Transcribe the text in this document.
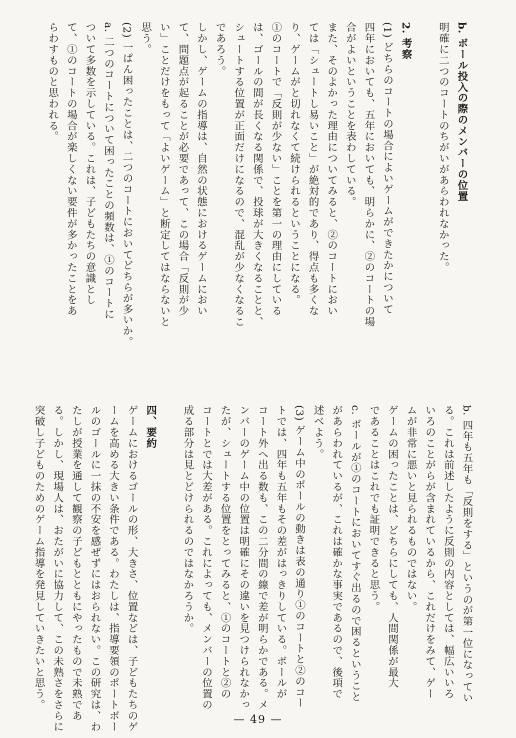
b. ボール投入の際のメンバーの位置
明確に二つのコートのちがいがあらわれなかった。
2. 考察
(1) どちらのコートの場合によいゲームができたかについて
四年においても、五年においても、明らかに、②のコートの場
合がよいということを表わしている。
また、そのよかった理由についてみると、②のコートにおい
ては「シュートし易いこと」が絶対的であり、得点も多くな
り、ゲームがと切れなくて続けられるということになる。
①のコートで「反則が少ない」ことを第一の理由にしている
は、ゴールの間が長くなる関係で、投球が大きくなることと、
シュートする位置が正面だけになるので、混乱が少なくなるこ
であろう。
しかし、ゲームの指導は、自然の状態におけるゲームにおい
て、問題点が起ることが必要であって、この場合「反則が少
い」ことだけをもって「よいゲーム」と断定してはならないと
思う。
(2) 一ぱん困ったことは、二つのコートにおいてどちらが多いか。
a. 二つのコートについて困ったことの頻数は、①のコートに
ついて多数を示している。これは、子どもたちの意識とし
て、①のコートの場合が楽しくない要件が多かったことをあ
らわすものと思われる。
b. 四年も五年も「反則をする」というのが第一位になってい
る。これは前述したように反則の内容としては、幅広いいろ
いろのことがらが含まれているから、これだけをみて、ゲー
ムが非常に悪いと見られるものではない。
ゲームの困ったことは、どちらにしても、人間関係が最大
であることはこれでも証明できると思う。
c. ボールが①のコートにおいてすぐ出るので困るということ
があらわれているが、これは確かな事実であるので、後項で
述べよう。
(3) ゲーム中のボールの動きは表の通り①のコートと②のコー
トでは、四年も五年もその差がはっきりしている。ボールが
コート外へ出る数も、この二分間の線で差が明らかである。メ
ンバーのゲーム中の位置は明確にその違いを見つけられなかっ
たが、シュートする位置をとってみると、①のコートと②の
コートとでは大差がある。これによっても、メンバーの位置の
成る部分は見とどけられるのではなかろうか。
四、要約
ゲームにおけるゴールの形、大きさ、位置などは、子どもたちのゲ
ームを高める大きい条件である。わたしは、指導要領のポートボー
ルのゴールに一抹の不安を感ぜずにはおられない。この研究は、わ
たしが授業を通して観察の子どもとともにやったもので未熟であ
る。しかし、現場人は、おたがいに協力して、この未熟さをさらに
突破し子どものためのゲーム指導を発見していきたいと思う。
— 49 —
